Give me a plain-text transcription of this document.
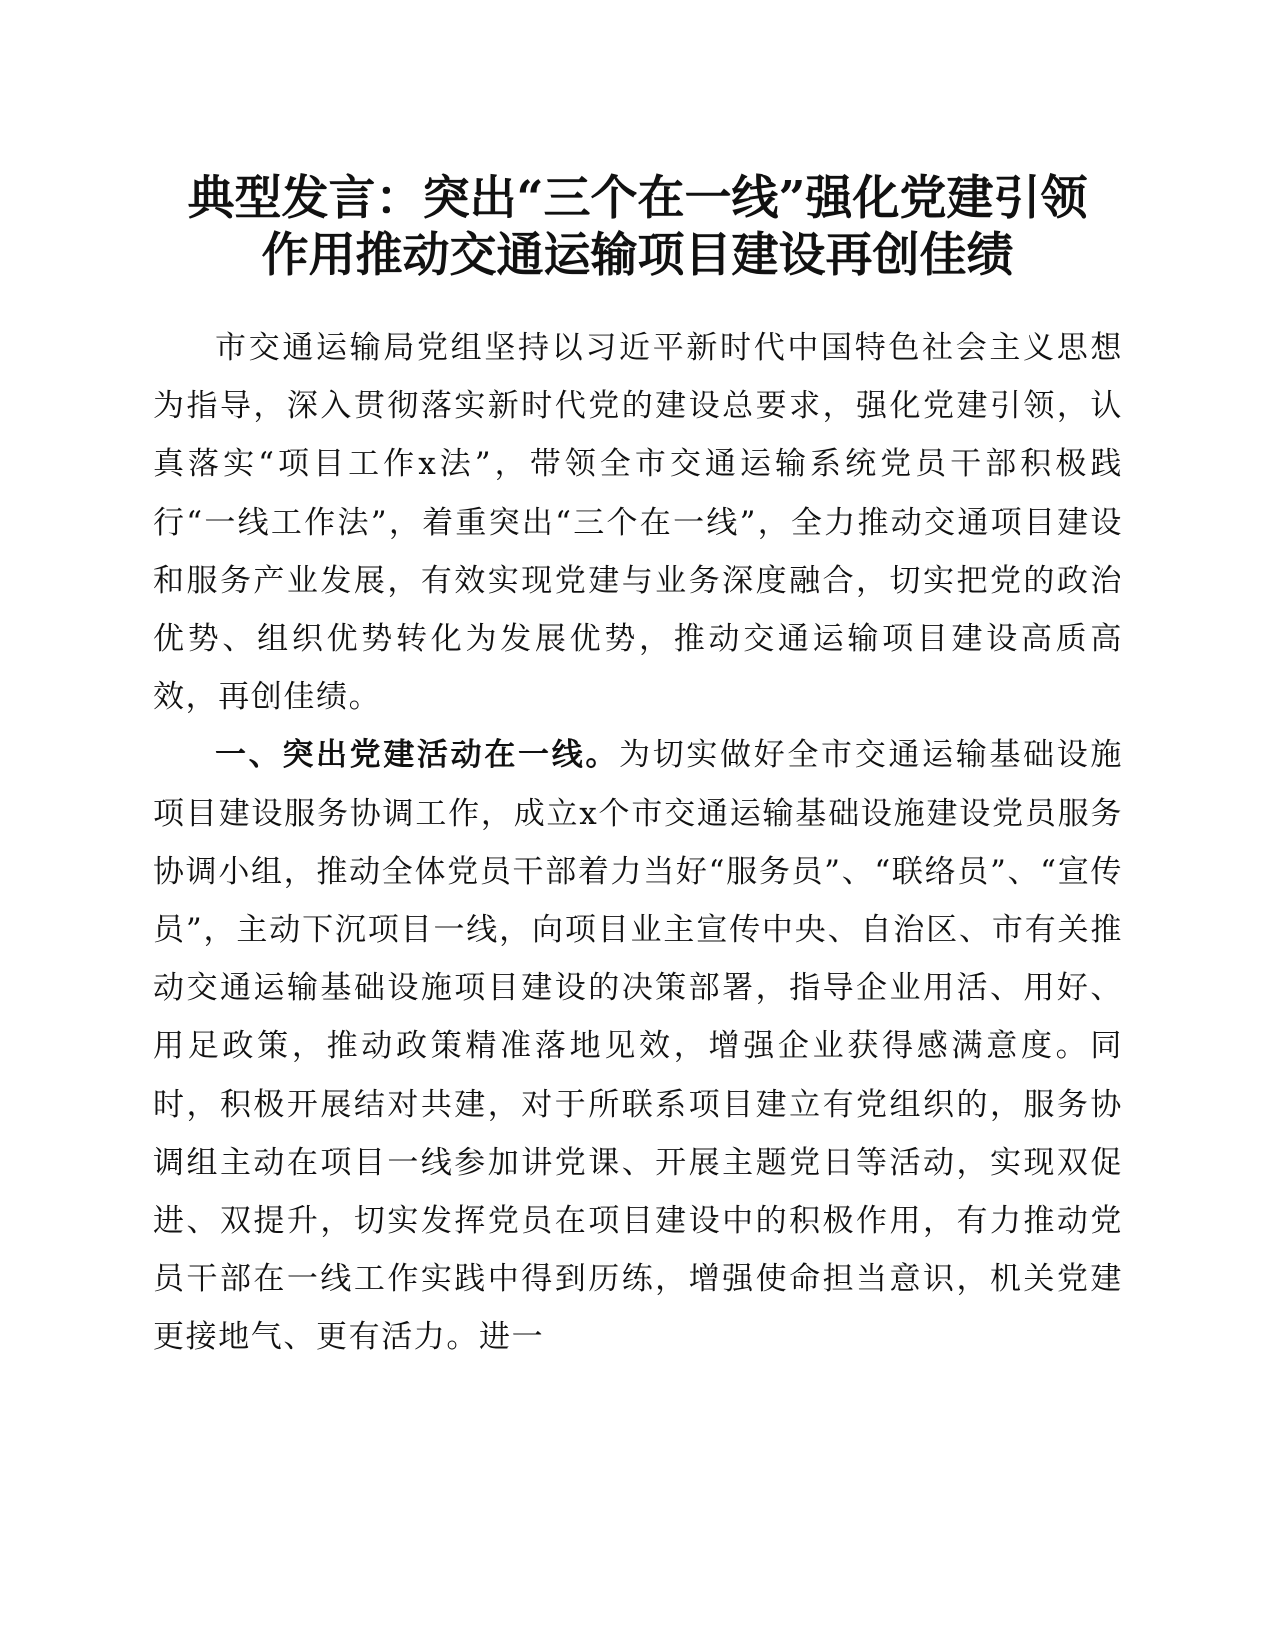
典型发言：突出“三个在一线”强化党建引领
作用推动交通运输项目建设再创佳绩

市交通运输局党组坚持以习近平新时代中国特色社会主义思想为指导，深入贯彻落实新时代党的建设总要求，强化党建引领，认真落实“项目工作x法”，带领全市交通运输系统党员干部积极践行“一线工作法”，着重突出“三个在一线”，全力推动交通项目建设和服务产业发展，有效实现党建与业务深度融合，切实把党的政治优势、组织优势转化为发展优势，推动交通运输项目建设高质高效，再创佳绩。

一、突出党建活动在一线。为切实做好全市交通运输基础设施项目建设服务协调工作，成立x个市交通运输基础设施建设党员服务协调小组，推动全体党员干部着力当好“服务员”、“联络员”、“宣传员”，主动下沉项目一线，向项目业主宣传中央、自治区、市有关推动交通运输基础设施项目建设的决策部署，指导企业用活、用好、用足政策，推动政策精准落地见效，增强企业获得感满意度。同时，积极开展结对共建，对于所联系项目建立有党组织的，服务协调组主动在项目一线参加讲党课、开展主题党日等活动，实现双促进、双提升，切实发挥党员在项目建设中的积极作用，有力推动党员干部在一线工作实践中得到历练，增强使命担当意识，机关党建更接地气、更有活力。进一
